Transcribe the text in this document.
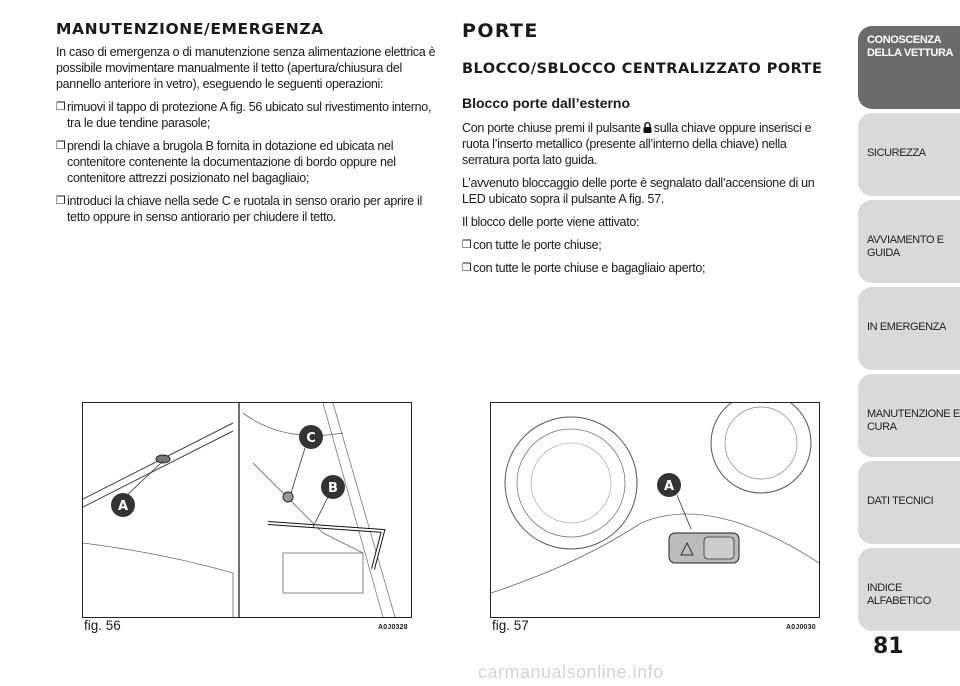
MANUTENZIONE/EMERGENZA

In caso di emergenza o di manutenzione senza alimentazione elettrica è possibile movimentare manualmente il tetto (apertura/chiusura del pannello anteriore in vetro), eseguendo le seguenti operazioni:

❒ rimuovi il tappo di protezione A fig. 56 ubicato sul rivestimento interno, tra le due tendine parasole;
❒ prendi la chiave a brugola B fornita in dotazione ed ubicata nel contenitore contenente la documentazione di bordo oppure nel contenitore attrezzi posizionato nel bagagliaio;
❒ introduci la chiave nella sede C e ruotala in senso orario per aprire il tetto oppure in senso antiorario per chiudere il tetto.
PORTE
BLOCCO/SBLOCCO CENTRALIZZATO PORTE
Blocco porte dall’esterno

Con porte chiuse premi il pulsante sulla chiave oppure inserisci e ruota l’inserto metallico (presente all’interno della chiave) nella serratura porta lato guida.

L’avvenuto bloccaggio delle porte è segnalato dall’accensione di un LED ubicato sopra il pulsante A fig. 57.

Il blocco delle porte viene attivato:

❒ con tutte le porte chiuse;
❒ con tutte le porte chiuse e bagagliaio aperto;
A
C
B
fig. 56	A0J0328
A
fig. 57	A0J0030
CONOSCENZA DELLA VETTURA
SICUREZZA
AVVIAMENTO E GUIDA
IN EMERGENZA
MANUTENZIONE E CURA
DATI TECNICI
INDICE ALFABETICO
81
carmanualsonline.info
